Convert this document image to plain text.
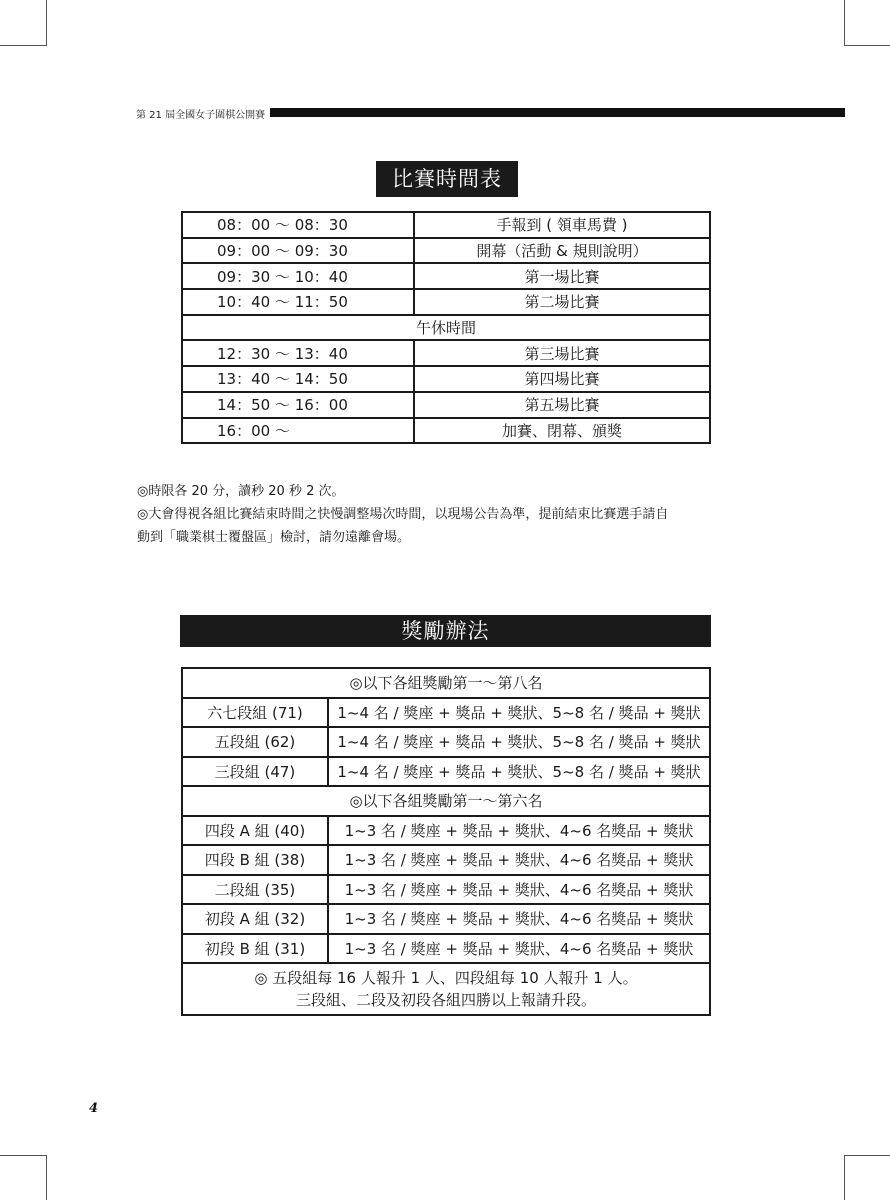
第 21 屆全國女子圍棋公開賽
比賽時間表
08：00 ～ 08：30	手報到 ( 領車馬費 )
09：00 ～ 09：30	開幕（活動 & 規則說明）
09：30 ～ 10：40	第一場比賽
10：40 ～ 11：50	第二場比賽
午休時間	
12：30 ～ 13：40	第三場比賽
13：40 ～ 14：50	第四場比賽
14：50 ～ 16：00	第五場比賽
16：00 ～	加賽、閉幕、頒獎

◎時限各 20 分，讀秒 20 秒 2 次。

◎大會得視各組比賽結束時間之快慢調整場次時間，以現場公告為準，提前結束比賽選手請自

動到「職業棋士覆盤區」檢討，請勿遠離會場。

獎勵辦法
◎以下各組獎勵第一～第八名	
六七段組 (71)	1~4 名 / 獎座 + 獎品 + 獎狀、5~8 名 / 獎品 + 獎狀
五段組 (62)	1~4 名 / 獎座 + 獎品 + 獎狀、5~8 名 / 獎品 + 獎狀
三段組 (47)	1~4 名 / 獎座 + 獎品 + 獎狀、5~8 名 / 獎品 + 獎狀
◎以下各組獎勵第一～第六名	
四段 A 組 (40)	1~3 名 / 獎座 + 獎品 + 獎狀、4~6 名獎品 + 獎狀
四段 B 組 (38)	1~3 名 / 獎座 + 獎品 + 獎狀、4~6 名獎品 + 獎狀
二段組 (35)	1~3 名 / 獎座 + 獎品 + 獎狀、4~6 名獎品 + 獎狀
初段 A 組 (32)	1~3 名 / 獎座 + 獎品 + 獎狀、4~6 名獎品 + 獎狀
初段 B 組 (31)	1~3 名 / 獎座 + 獎品 + 獎狀、4~6 名獎品 + 獎狀

◎ 五段組每 16 人報升 1 人、四段組每 10 人報升 1 人。
三段組、二段及初段各組四勝以上報請升段。	
4
